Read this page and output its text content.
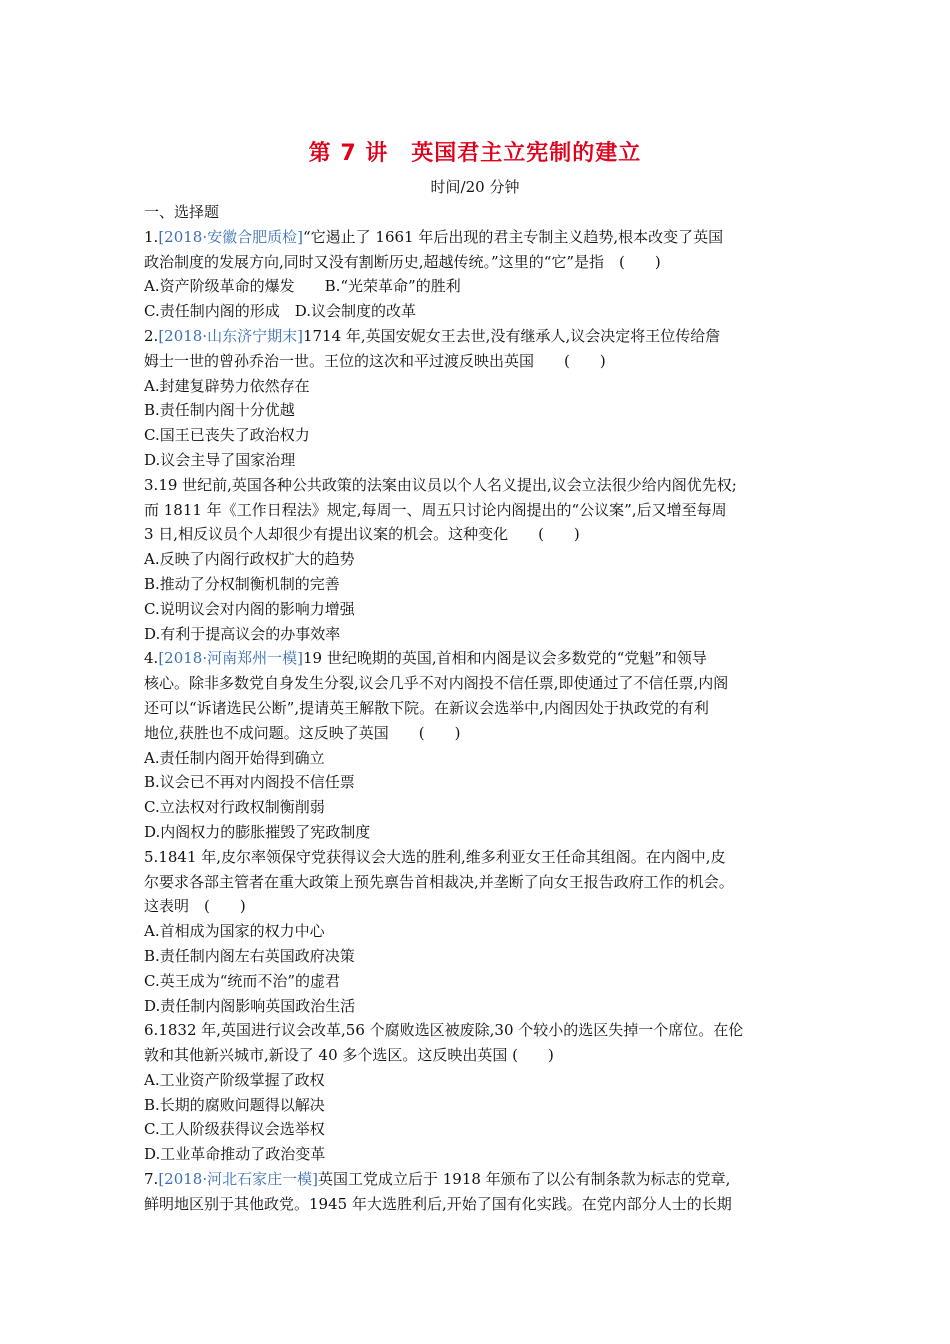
第 7 讲　英国君主立宪制的建立
时间/20 分钟
一、选择题
1.[2018·安徽合肥质检]“它遏止了 1661 年后出现的君主专制主义趋势,根本改变了英国
政治制度的发展方向,同时又没有割断历史,超越传统。”这里的“它”是指　(　　)
A.资产阶级革命的爆发　　B.“光荣革命”的胜利
C.责任制内阁的形成　D.议会制度的改革
2.[2018·山东济宁期末]1714 年,英国安妮女王去世,没有继承人,议会决定将王位传给詹
姆士一世的曾孙乔治一世。王位的这次和平过渡反映出英国　　(　　)
A.封建复辟势力依然存在
B.责任制内阁十分优越
C.国王已丧失了政治权力
D.议会主导了国家治理
3.19 世纪前,英国各种公共政策的法案由议员以个人名义提出,议会立法很少给内阁优先权;
而 1811 年《工作日程法》规定,每周一、周五只讨论内阁提出的“公议案”,后又增至每周
3 日,相反议员个人却很少有提出议案的机会。这种变化　　(　　)
A.反映了内阁行政权扩大的趋势
B.推动了分权制衡机制的完善
C.说明议会对内阁的影响力增强
D.有利于提高议会的办事效率
4.[2018·河南郑州一模]19 世纪晚期的英国,首相和内阁是议会多数党的“党魁”和领导
核心。除非多数党自身发生分裂,议会几乎不对内阁投不信任票,即使通过了不信任票,内阁
还可以“诉诸选民公断”,提请英王解散下院。在新议会选举中,内阁因处于执政党的有利
地位,获胜也不成问题。这反映了英国　　(　　)
A.责任制内阁开始得到确立
B.议会已不再对内阁投不信任票
C.立法权对行政权制衡削弱
D.内阁权力的膨胀摧毁了宪政制度
5.1841 年,皮尔率领保守党获得议会大选的胜利,维多利亚女王任命其组阁。在内阁中,皮
尔要求各部主管者在重大政策上预先禀告首相裁决,并垄断了向女王报告政府工作的机会。
这表明　(　　)
A.首相成为国家的权力中心
B.责任制内阁左右英国政府决策
C.英王成为“统而不治”的虚君
D.责任制内阁影响英国政治生活
6.1832 年,英国进行议会改革,56 个腐败选区被废除,30 个较小的选区失掉一个席位。在伦
敦和其他新兴城市,新设了 40 多个选区。这反映出英国 (　　)
A.工业资产阶级掌握了政权
B.长期的腐败问题得以解决
C.工人阶级获得议会选举权
D.工业革命推动了政治变革
7.[2018·河北石家庄一模]英国工党成立后于 1918 年颁布了以公有制条款为标志的党章,
鲜明地区别于其他政党。1945 年大选胜利后,开始了国有化实践。在党内部分人士的长期
